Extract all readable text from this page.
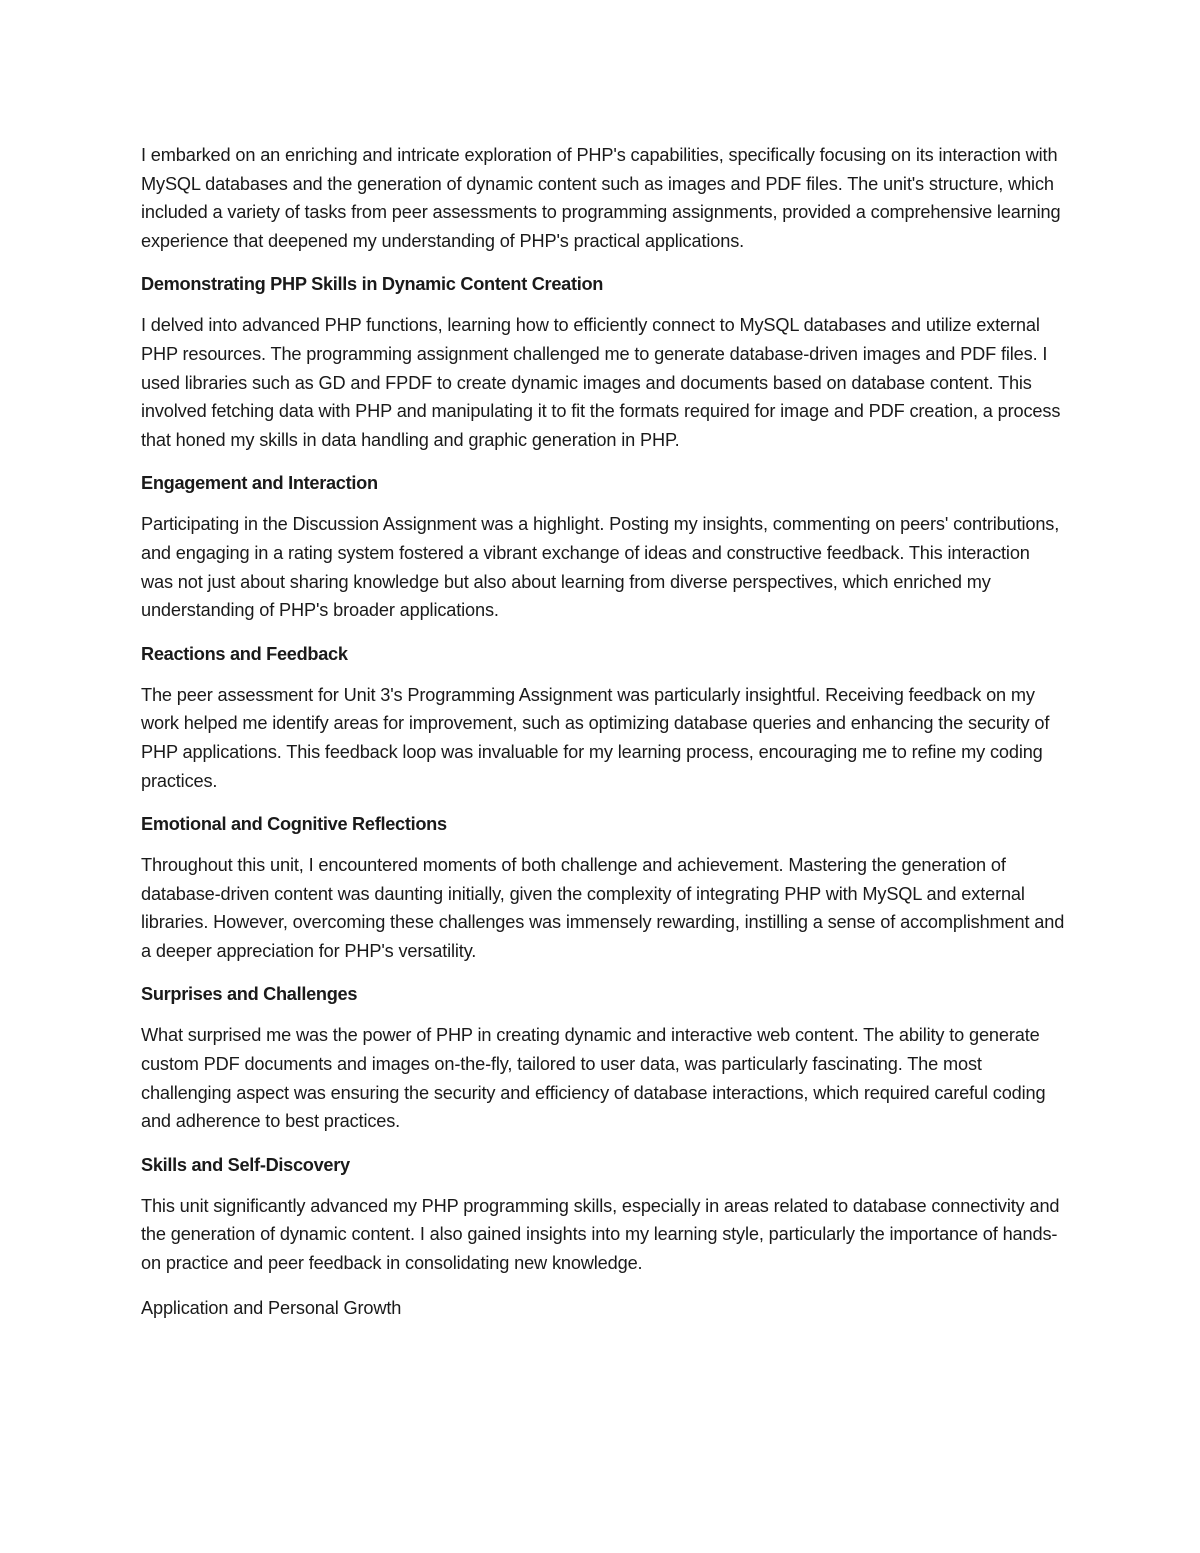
I embarked on an enriching and intricate exploration of PHP's capabilities, specifically focusing on its interaction with MySQL databases and the generation of dynamic content such as images and PDF files. The unit's structure, which included a variety of tasks from peer assessments to programming assignments, provided a comprehensive learning experience that deepened my understanding of PHP's practical applications.

Demonstrating PHP Skills in Dynamic Content Creation

I delved into advanced PHP functions, learning how to efficiently connect to MySQL databases and utilize external PHP resources. The programming assignment challenged me to generate database-driven images and PDF files. I used libraries such as GD and FPDF to create dynamic images and documents based on database content. This involved fetching data with PHP and manipulating it to fit the formats required for image and PDF creation, a process that honed my skills in data handling and graphic generation in PHP.

Engagement and Interaction

Participating in the Discussion Assignment was a highlight. Posting my insights, commenting on peers' contributions, and engaging in a rating system fostered a vibrant exchange of ideas and constructive feedback. This interaction was not just about sharing knowledge but also about learning from diverse perspectives, which enriched my understanding of PHP's broader applications.

Reactions and Feedback

The peer assessment for Unit 3's Programming Assignment was particularly insightful. Receiving feedback on my work helped me identify areas for improvement, such as optimizing database queries and enhancing the security of PHP applications. This feedback loop was invaluable for my learning process, encouraging me to refine my coding practices.

Emotional and Cognitive Reflections

Throughout this unit, I encountered moments of both challenge and achievement. Mastering the generation of database-driven content was daunting initially, given the complexity of integrating PHP with MySQL and external libraries. However, overcoming these challenges was immensely rewarding, instilling a sense of accomplishment and a deeper appreciation for PHP's versatility.

Surprises and Challenges

What surprised me was the power of PHP in creating dynamic and interactive web content. The ability to generate custom PDF documents and images on-the-fly, tailored to user data, was particularly fascinating. The most challenging aspect was ensuring the security and efficiency of database interactions, which required careful coding and adherence to best practices.

Skills and Self-Discovery

This unit significantly advanced my PHP programming skills, especially in areas related to database connectivity and the generation of dynamic content. I also gained insights into my learning style, particularly the importance of hands-on practice and peer feedback in consolidating new knowledge.

Application and Personal Growth
